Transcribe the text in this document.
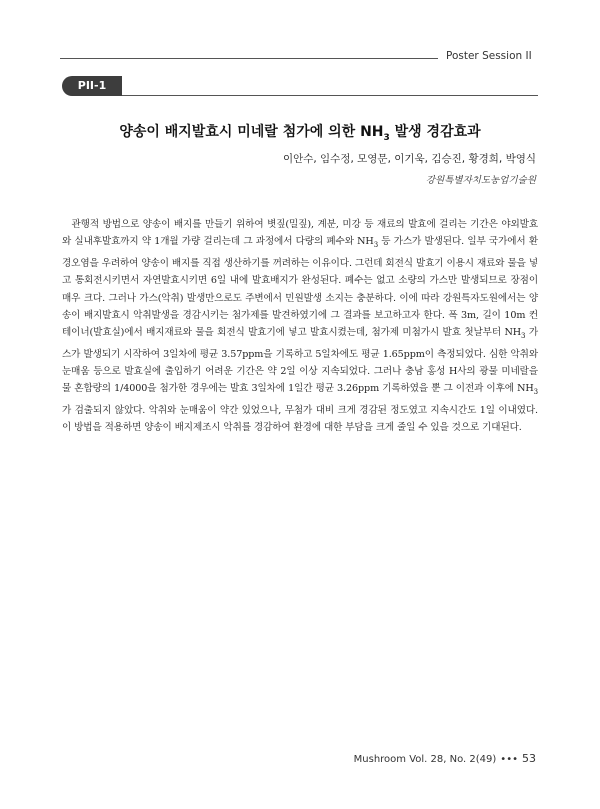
Poster Session II
PII-1
양송이 배지발효시 미네랄 첨가에 의한 $NH_3$ 발생 경감효과
이안수, 임수정, 모영문, 이기욱, 김승진, 황경희, 박영식
강원특별자치도농업기술원
 관행적 방법으로 양송이 배지를 만들기 위하여 볏짚(밀짚), 계분, 미강 등 재료의 발효에 걸리는 기간은 야외발효와 실내후발효까지 약 1개월 가량 걸리는데 그 과정에서 다량의 폐수와 $NH_3$ 등 가스가 발생된다. 일부 국가에서 환경오염을 우려하여 양송이 배지를 직접 생산하기를 꺼려하는 이유이다. 그런데 회전식 발효기 이용시 재료와 물을 넣고 통회전시키면서 자연발효시키면 6일 내에 발효배지가 완성된다. 폐수는 없고 소량의 가스만 발생되므로 장점이 매우 크다. 그러나 가스(악취) 발생만으로도 주변에서 민원발생 소지는 충분하다. 이에 따라 강원특자도원에서는 양송이 배지발효시 악취발생을 경감시키는 첨가제를 발견하였기에 그 결과를 보고하고자 한다. 폭 3m, 길이 10m 컨테이너(발효실)에서 배지재료와 물을 회전식 발효기에 넣고 발효시켰는데, 첨가제 미첨가시 발효 첫날부터 $NH_3$ 가스가 발생되기 시작하여 3일차에 평균 3.57ppm을 기록하고 5일차에도 평균 1.65ppm이 측정되었다. 심한 악취와 눈매움 등으로 발효실에 출입하기 어려운 기간은 약 2일 이상 지속되었다. 그러나 충남 홍성 H사의 광물 미네랄을 물 혼합량의 1/4000을 첨가한 경우에는 발효 3일차에 1일간 평균 3.26ppm 기록하였을 뿐 그 이전과 이후에 $NH_3$가 검출되지 않았다. 악취와 눈매움이 약간 있었으나, 무첨가 대비 크게 경감된 정도였고 지속시간도 1일 이내였다. 이 방법을 적용하면 양송이 배지제조시 악취를 경감하여 환경에 대한 부담을 크게 줄일 수 있을 것으로 기대된다.
Mushroom Vol. 28, No. 2(49) ••• 53
